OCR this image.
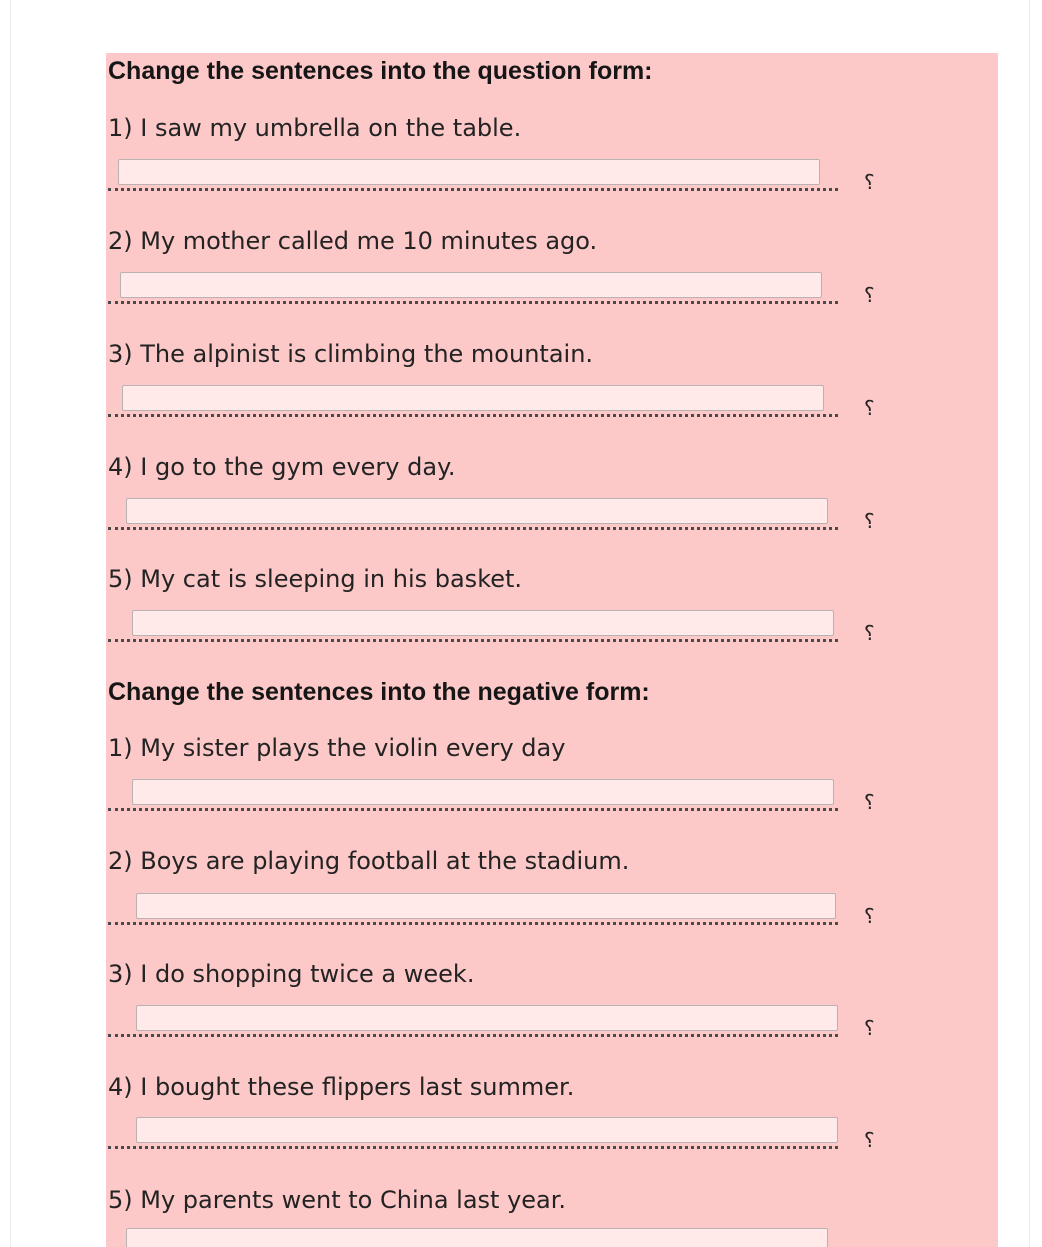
Change the sentences into the question form:
1) I saw my umbrella on the table.
?
2) My mother called me 10 minutes ago.
?
3) The alpinist is climbing the mountain.
?
4) I go to the gym every day.
?
5) My cat is sleeping in his basket.
?
Change the sentences into the negative form:
1) My sister plays the violin every day
?
2) Boys are playing football at the stadium.
?
3) I do shopping twice a week.
?
4) I bought these flippers last summer.
?
5) My parents went to China last year.
